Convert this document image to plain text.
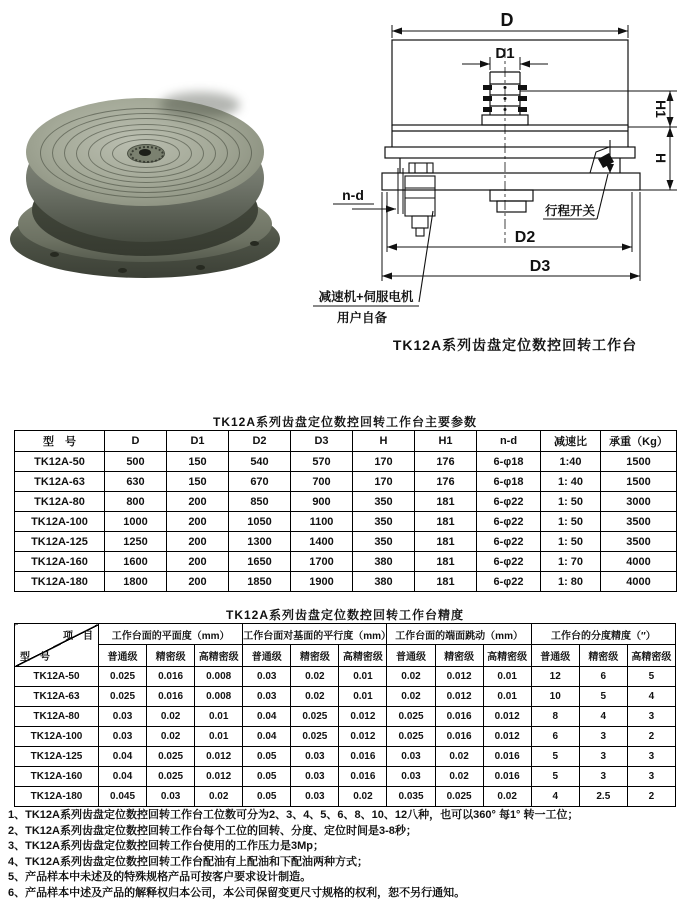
D
D1
H1
H
n-d
D2
D3
行程开关
减速机+伺服电机
用户自备
TK12A系列齿盘定位数控回转工作台
TK12A系列齿盘定位数控回转工作台主要参数
型　号	D	D1	D2	D3	H	H1	n-d	减速比	承重（Kg）
TK12A-50	500	150	540	570	170	176	6-φ18	1:40	1500
TK12A-63	630	150	670	700	170	176	6-φ18	1: 40	1500
TK12A-80	800	200	850	900	350	181	6-φ22	1: 50	3000
TK12A-100	1000	200	1050	1100	350	181	6-φ22	1: 50	3500
TK12A-125	1250	200	1300	1400	350	181	6-φ22	1: 50	3500
TK12A-160	1600	200	1650	1700	380	181	6-φ22	1: 70	4000
TK12A-180	1800	200	1850	1900	380	181	6-φ22	1: 80	4000
TK12A系列齿盘定位数控回转工作台精度
项　目
型　号	工作台面的平面度（mm）			工作台面对基面的平行度（mm）			工作台面的端面跳动（mm）			工作台的分度精度（″）		
	普通级	精密级	高精密级	普通级	精密级	高精密级	普通级	精密级	高精密级	普通级	精密级	高精密级
TK12A-50	0.025	0.016	0.008	0.03	0.02	0.01	0.02	0.012	0.01	12	6	5
TK12A-63	0.025	0.016	0.008	0.03	0.02	0.01	0.02	0.012	0.01	10	5	4
TK12A-80	0.03	0.02	0.01	0.04	0.025	0.012	0.025	0.016	0.012	8	4	3
TK12A-100	0.03	0.02	0.01	0.04	0.025	0.012	0.025	0.016	0.012	6	3	2
TK12A-125	0.04	0.025	0.012	0.05	0.03	0.016	0.03	0.02	0.016	5	3	3
TK12A-160	0.04	0.025	0.012	0.05	0.03	0.016	0.03	0.02	0.016	5	3	3
TK12A-180	0.045	0.03	0.02	0.05	0.03	0.02	0.035	0.025	0.02	4	2.5	2
1、TK12A系列齿盘定位数控回转工作台工位数可分为2、3、4、5、6、8、10、12八种，也可以360° 每1° 转一工位；
2、TK12A系列齿盘定位数控回转工作台每个工位的回转、分度、定位时间是3-8秒；
3、TK12A系列齿盘定位数控回转工作台使用的工作压力是3Mp；
4、TK12A系列齿盘定位数控回转工作台配油有上配油和下配油两种方式；
5、产品样本中未述及的特殊规格产品可按客户要求设计制造。
6、产品样本中述及产品的解释权归本公司，本公司保留变更尺寸规格的权利，恕不另行通知。
